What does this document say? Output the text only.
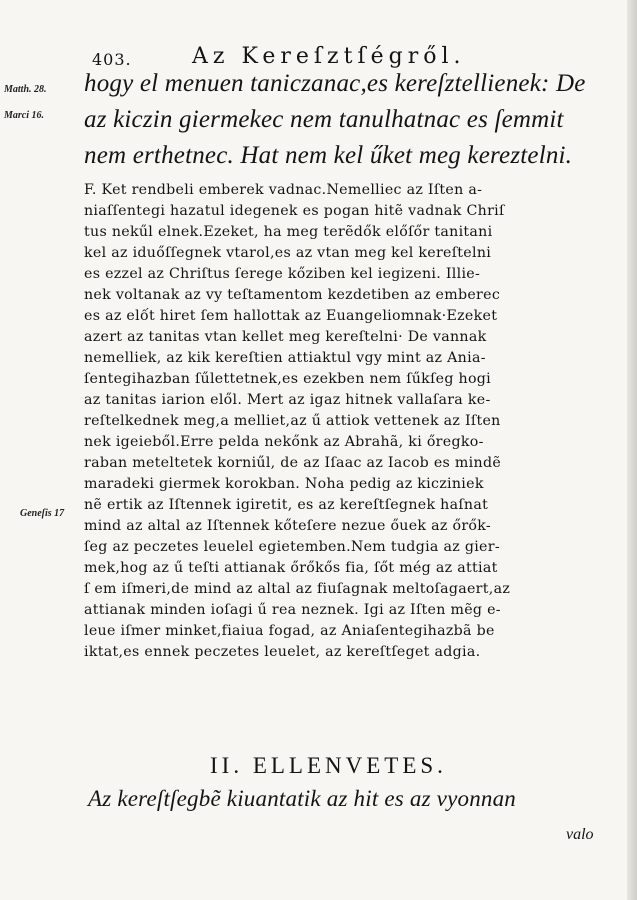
403.	Az Kereſztſégről.
Matth. 28.
Marci 16.
Geneſis 17
hogy el menuen taniczanac,es kereſztellienek: De
az kiczin giermekec nem tanulhatnac es ſemmit
nem erthetnec. Hat nem kel űket meg kereztelni.
F. Ket rendbeli emberek vadnac.Nemelliec az Iſten a-
niaſſentegi hazatul idegenek es pogan hitẽ vadnak Chriſ
tus nekűl elnek.Ezeket, ha meg terẽdők előſőr tanitani
kel az iduőſſegnek vtarol,es az vtan meg kel kereſtelni
es ezzel az Chriſtus ſerege kőziben kel iegizeni. Illie-
nek voltanak az vy teſtamentom kezdetiben az emberec
es az elốt hiret ſem hallottak az Euangeliomnak·Ezeket
azert az tanitas vtan kellet meg kereſtelni· De vannak
nemelliek, az kik kereſtien attiaktul vgy mint az Ania-
ſentegihazban ſűlettetnek,es ezekben nem ſűkſeg hogi
az tanitas iarion elől. Mert az igaz hitnek vallaſara ke-
reſtelkednek meg,a melliet,az ű attiok vettenek az Iſten
nek igeieből.Erre pelda nekőnk az Abrahã, ki őregko-
raban meteltetek korniűl, de az Iſaac az Iacob es mindẽ
maradeki giermek korokban. Noha pedig az kicziniek
nẽ ertik az Iſtennek igiretit, es az kereſtſegnek haſnat
mind az altal az Iſtennek kőteſere nezue őuek az őrők-
ſeg az peczetes leuelel egietemben.Nem tudgia az gier-
mek,hog az ű teſti attianak őrőkős fia, ſőt még az attiat
ſ em iſmeri,de mind az altal az fiuſagnak meltoſagaert,az
attianak minden ioſagi ű rea neznek. Igi az Iſten mẽg e-
leue iſmer minket,fiaiua fogad, az Aniaſentegihazbã be
iktat,es ennek peczetes leuelet, az kereſtſeget adgia.
II. ELLENVETES.
Az kereſtſegbẽ kiuantatik az hit es az vyonnan
valo
